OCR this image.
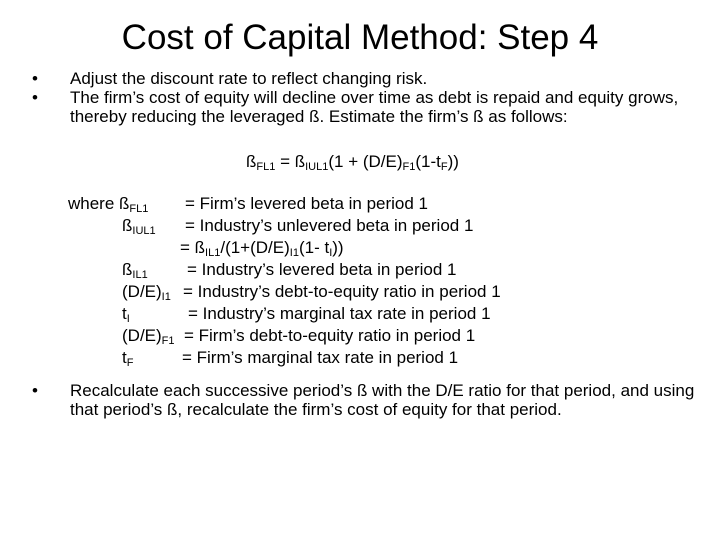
Cost of Capital Method: Step 4
• Adjust the discount rate to reflect changing risk.
• The firm’s cost of equity will decline over time as debt is repaid and equity grows, thereby reducing the leveraged ß. Estimate the firm’s ß as follows:
$ß_{FL1}$ = $ß_{IUL1}(1 + (D/E)_{F1}(1-t_F))$
where $ß_{FL1}$ = Firm’s levered beta in period 1
$ß_{IUL1}$ = Industry’s unlevered beta in period 1
= $ß_{IL1}/(1+(D/E)_{I1}(1-$ $t_I$))
$ß_{IL1}$ = Industry’s levered beta in period 1
$(D/E)_{I1}$ = Industry’s debt-to-equity ratio in period 1
$t_I$	= Industry’s marginal tax rate in period 1
$(D/E)_{F1}$ = Firm’s debt-to-equity ratio in period 1
$t_F$	= Firm’s marginal tax rate in period 1
• Recalculate each successive period’s ß with the D/E ratio for that period, and using that period’s ß, recalculate the firm’s cost of equity for that period.
